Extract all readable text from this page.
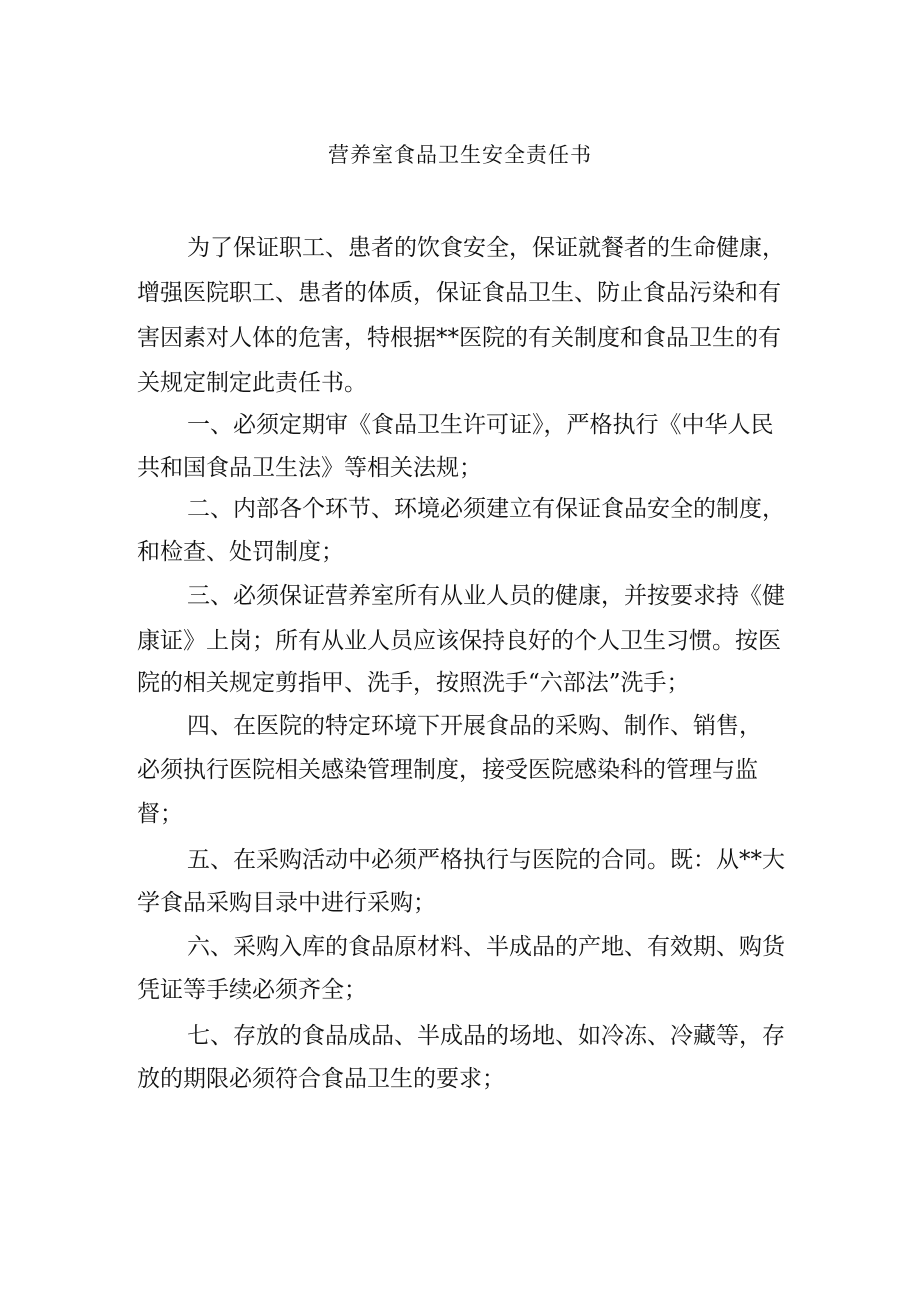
营养室食品卫生安全责任书
为了保证职工、患者的饮食安全，保证就餐者的生命健康，
增强医院职工、患者的体质，保证食品卫生、防止食品污染和有
害因素对人体的危害，特根据**医院的有关制度和食品卫生的有
关规定制定此责任书。
一、必须定期审《食品卫生许可证》，严格执行《中华人民
共和国食品卫生法》等相关法规；
二、内部各个环节、环境必须建立有保证食品安全的制度，
和检查、处罚制度；
三、必须保证营养室所有从业人员的健康，并按要求持《健
康证》上岗；所有从业人员应该保持良好的个人卫生习惯。按医
院的相关规定剪指甲、洗手，按照洗手“六部法”洗手；
四、在医院的特定环境下开展食品的采购、制作、销售，
必须执行医院相关感染管理制度，接受医院感染科的管理与监
督；
五、在采购活动中必须严格执行与医院的合同。既：从**大
学食品采购目录中进行采购；
六、采购入库的食品原材料、半成品的产地、有效期、购货
凭证等手续必须齐全；
七、存放的食品成品、半成品的场地、如冷冻、冷藏等，存
放的期限必须符合食品卫生的要求；
